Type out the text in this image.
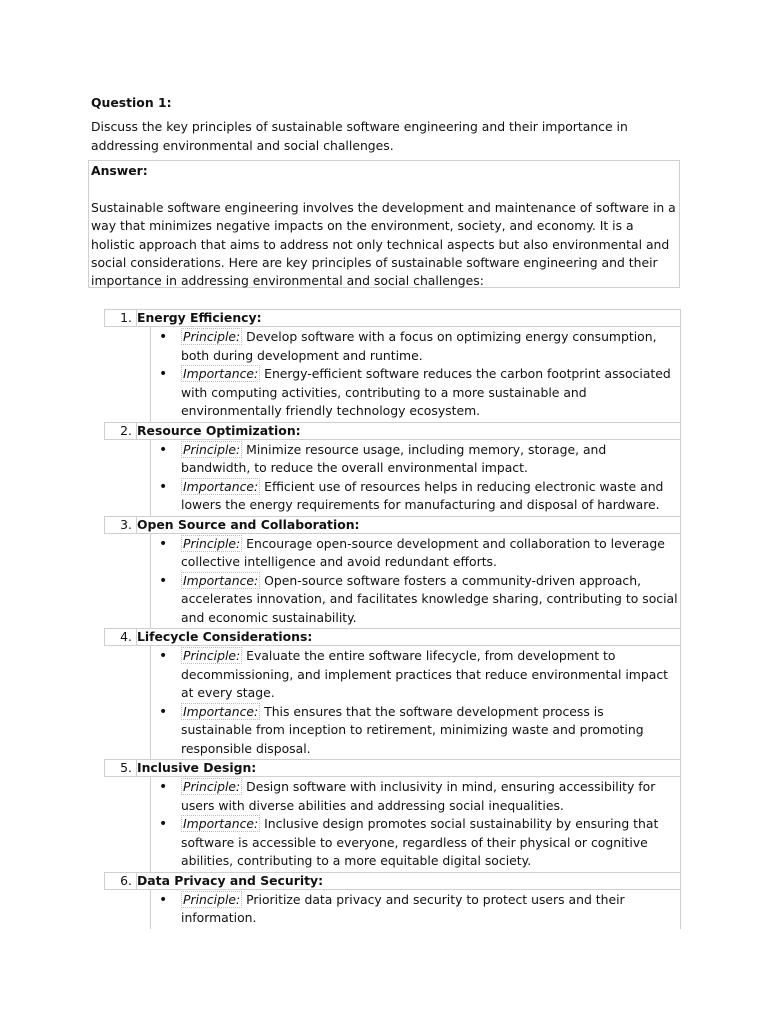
Question 1:
Discuss the key principles of sustainable software engineering and their importance in addressing environmental and social challenges.
Answer:
Sustainable software engineering involves the development and maintenance of software in a way that minimizes negative impacts on the environment, society, and economy. It is a holistic approach that aims to address not only technical aspects but also environmental and social considerations. Here are key principles of sustainable software engineering and their importance in addressing environmental and social challenges:
1. Energy Efficiency:
• Principle: Develop software with a focus on optimizing energy consumption, both during development and runtime.
• Importance: Energy-efficient software reduces the carbon footprint associated with computing activities, contributing to a more sustainable and environmentally friendly technology ecosystem.
2. Resource Optimization:
• Principle: Minimize resource usage, including memory, storage, and bandwidth, to reduce the overall environmental impact.
• Importance: Efficient use of resources helps in reducing electronic waste and lowers the energy requirements for manufacturing and disposal of hardware.
3. Open Source and Collaboration:
• Principle: Encourage open-source development and collaboration to leverage collective intelligence and avoid redundant efforts.
• Importance: Open-source software fosters a community-driven approach, accelerates innovation, and facilitates knowledge sharing, contributing to social and economic sustainability.
4. Lifecycle Considerations:
• Principle: Evaluate the entire software lifecycle, from development to decommissioning, and implement practices that reduce environmental impact at every stage.
• Importance: This ensures that the software development process is sustainable from inception to retirement, minimizing waste and promoting responsible disposal.
5. Inclusive Design:
• Principle: Design software with inclusivity in mind, ensuring accessibility for users with diverse abilities and addressing social inequalities.
• Importance: Inclusive design promotes social sustainability by ensuring that software is accessible to everyone, regardless of their physical or cognitive abilities, contributing to a more equitable digital society.
6. Data Privacy and Security:
• Principle: Prioritize data privacy and security to protect users and their information.
